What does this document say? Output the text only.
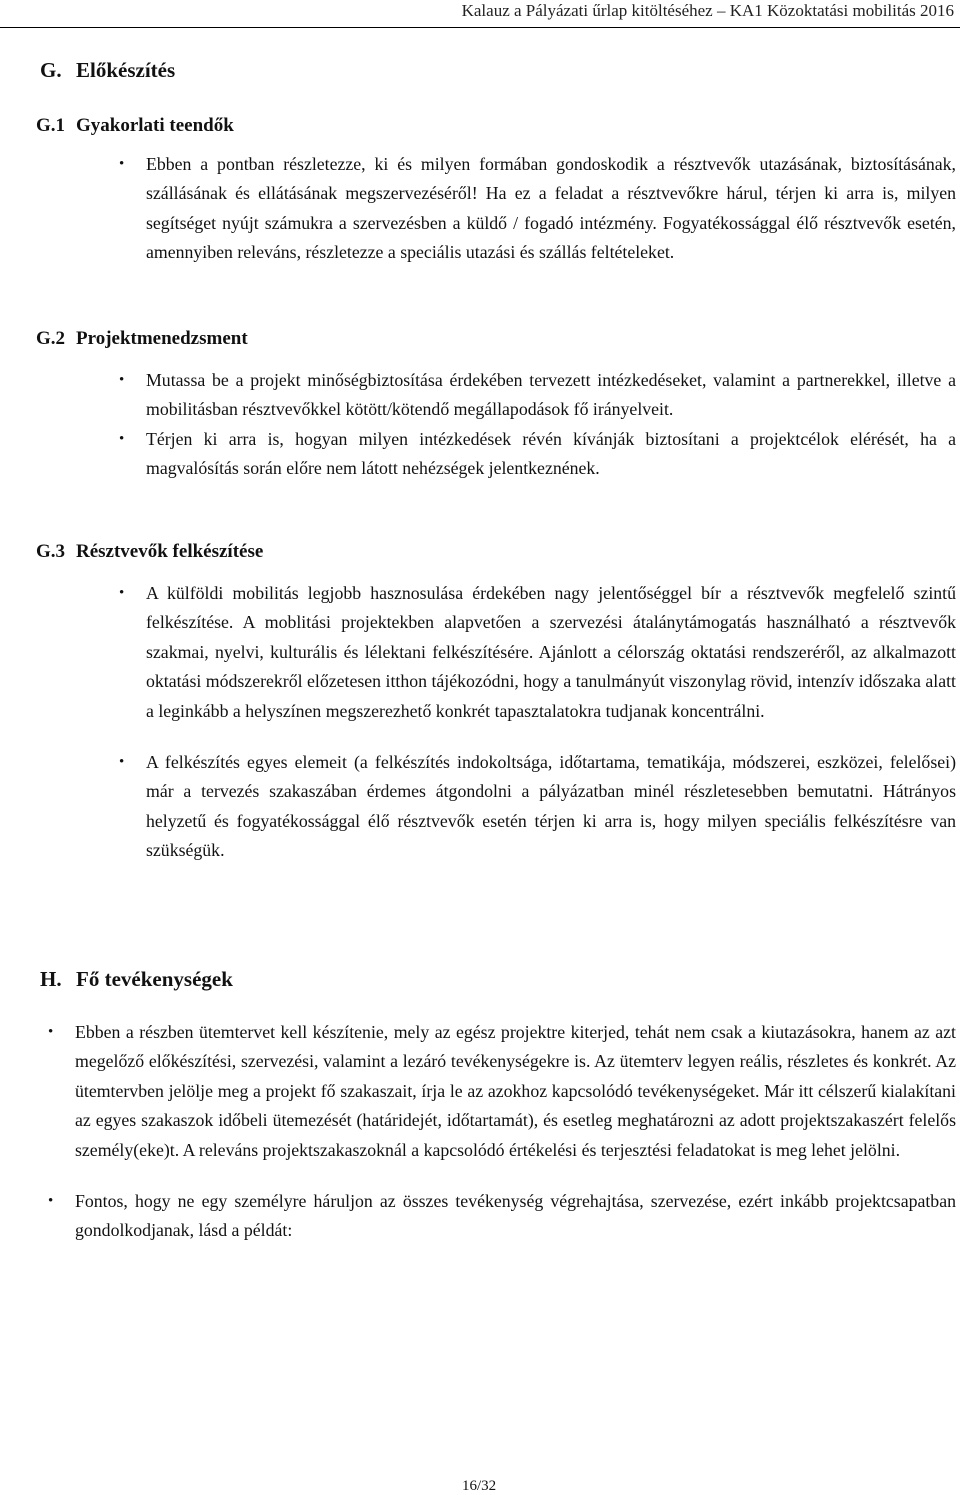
Kalauz a Pályázati űrlap kitöltéséhez – KA1 Közoktatási mobilitás 2016
G. Előkészítés
G.1 Gyakorlati teendők
• Ebben a pontban részletezze, ki és milyen formában gondoskodik a résztvevők utazásának, biztosításának, szállásának és ellátásának megszervezéséről! Ha ez a feladat a résztvevőkre hárul, térjen ki arra is, milyen segítséget nyújt számukra a szervezésben a küldő / fogadó intézmény. Fogyatékossággal élő résztvevők esetén, amennyiben releváns, részletezze a speciális utazási és szállás feltételeket.
G.2 Projektmenedzsment
• Mutassa be a projekt minőségbiztosítása érdekében tervezett intézkedéseket, valamint a partnerekkel, illetve a mobilitásban résztvevőkkel kötött/kötendő megállapodások fő irányelveit.
• Térjen ki arra is, hogyan milyen intézkedések révén kívánják biztosítani a projektcélok elérését, ha a magvalósítás során előre nem látott nehézségek jelentkeznének.
G.3 Résztvevők felkészítése
• A külföldi mobilitás legjobb hasznosulása érdekében nagy jelentőséggel bír a résztvevők megfelelő szintű felkészítése. A moblitási projektekben alapvetően a szervezési átalánytámogatás használható a résztvevők szakmai, nyelvi, kulturális és lélektani felkészítésére. Ajánlott a célország oktatási rendszeréről, az alkalmazott oktatási módszerekről előzetesen itthon tájékozódni, hogy a tanulmányút viszonylag rövid, intenzív időszaka alatt a leginkább a helyszínen megszerezhető konkrét tapasztalatokra tudjanak koncentrálni.
• A felkészítés egyes elemeit (a felkészítés indokoltsága, időtartama, tematikája, módszerei, eszközei, felelősei) már a tervezés szakaszában érdemes átgondolni a pályázatban minél részletesebben bemutatni. Hátrányos helyzetű és fogyatékossággal élő résztvevők esetén térjen ki arra is, hogy milyen speciális felkészítésre van szükségük.
H. Fő tevékenységek
• Ebben a részben ütemtervet kell készítenie, mely az egész projektre kiterjed, tehát nem csak a kiutazásokra, hanem az azt megelőző előkészítési, szervezési, valamint a lezáró tevékenységekre is. Az ütemterv legyen reális, részletes és konkrét. Az ütemtervben jelölje meg a projekt fő szakaszait, írja le az azokhoz kapcsolódó tevékenységeket. Már itt célszerű kialakítani az egyes szakaszok időbeli ütemezését (határidejét, időtartamát), és esetleg meghatározni az adott projektszakaszért felelős személy(eke)t. A releváns projektszakaszoknál a kapcsolódó értékelési és terjesztési feladatokat is meg lehet jelölni.
• Fontos, hogy ne egy személyre háruljon az összes tevékenység végrehajtása, szervezése, ezért inkább projektcsapatban gondolkodjanak, lásd a példát:
16/32
